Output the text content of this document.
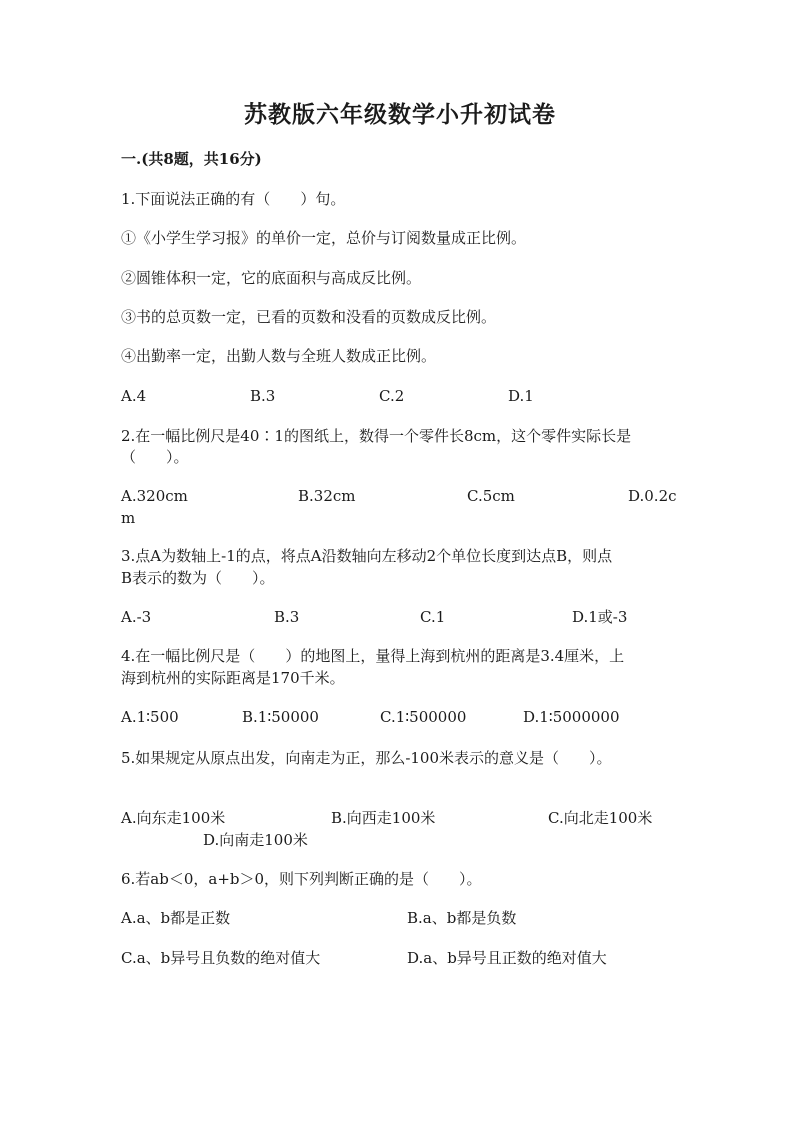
苏教版六年级数学小升初试卷
一.(共8题，共16分)
1.下面说法正确的有（　　）句。
①《小学生学习报》的单价一定，总价与订阅数量成正比例。
②圆锥体积一定，它的底面积与高成反比例。
③书的总页数一定，已看的页数和没看的页数成反比例。
④出勤率一定，出勤人数与全班人数成正比例。
A.4	B.3	C.2	D.1
2.在一幅比例尺是40∶1的图纸上，数得一个零件长8cm，这个零件实际长是
（　　）。
A.320cm	B.32cm	C.5cm	D.0.2c
m
3.点A为数轴上-1的点，将点A沿数轴向左移动2个单位长度到达点B，则点
B表示的数为（　　）。
A.-3	B.3	C.1	D.1或-3
4.在一幅比例尺是（　　）的地图上，量得上海到杭州的距离是3.4厘米，上
海到杭州的实际距离是170千米。
A.1∶500	B.1∶50000	C.1∶500000	D.1∶5000000
5.如果规定从原点出发，向南走为正，那么-100米表示的意义是（　　）。
A.向东走100米	B.向西走100米	C.向北走100米
D.向南走100米
6.若ab＜0，a+b＞0，则下列判断正确的是（　　）。
A.a、b都是正数	B.a、b都是负数
C.a、b异号且负数的绝对值大	D.a、b异号且正数的绝对值大
